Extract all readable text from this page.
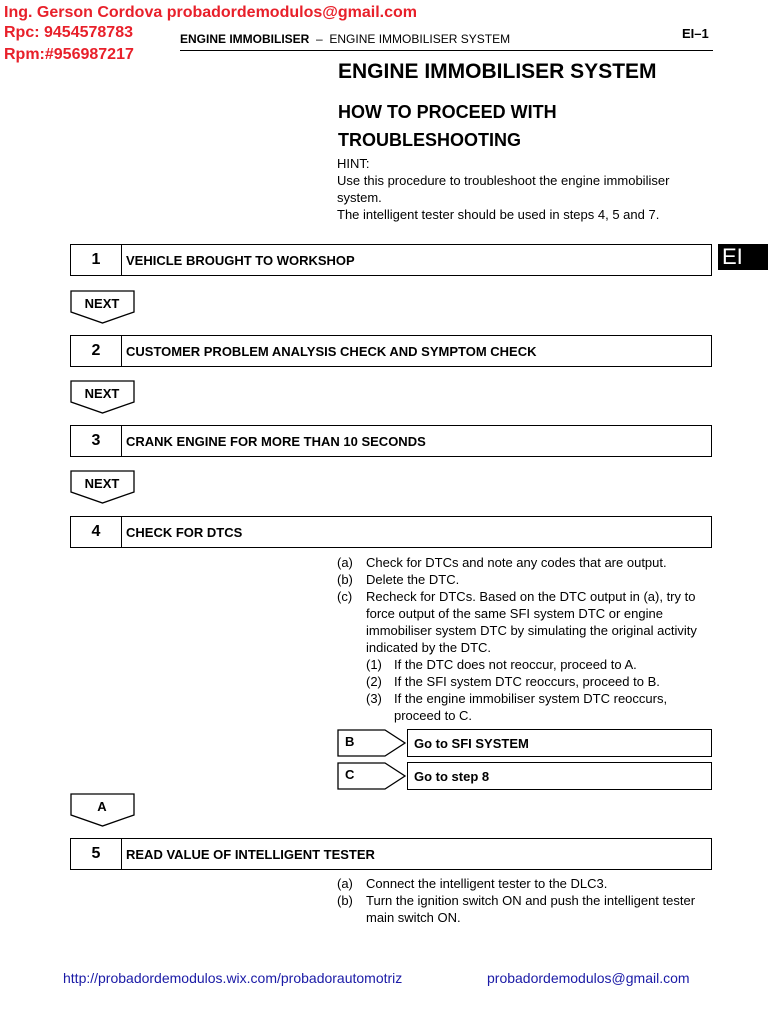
Ing. Gerson Cordova probadordemodulos@gmail.com
Rpc: 9454578783
Rpm:#956987217
ENGINE IMMOBILISER – ENGINE IMMOBILISER SYSTEM	EI–1
EI
ENGINE IMMOBILISER SYSTEM
HOW TO PROCEED WITH TROUBLESHOOTING
HINT:
Use this procedure to troubleshoot the engine immobiliser system.
The intelligent tester should be used in steps 4, 5 and 7.
1	VEHICLE BROUGHT TO WORKSHOP
NEXT
2	CUSTOMER PROBLEM ANALYSIS CHECK AND SYMPTOM CHECK
NEXT
3	CRANK ENGINE FOR MORE THAN 10 SECONDS
NEXT
4	CHECK FOR DTCS
(a) Check for DTCs and note any codes that are output.
(b) Delete the DTC.
(c) Recheck for DTCs. Based on the DTC output in (a), try to force output of the same SFI system DTC or engine immobiliser system DTC by simulating the original activity indicated by the DTC.
(1) If the DTC does not reoccur, proceed to A.
(2) If the SFI system DTC reoccurs, proceed to B.
(3) If the engine immobiliser system DTC reoccurs, proceed to C.
B	Go to SFI SYSTEM
C	Go to step 8
A
5	READ VALUE OF INTELLIGENT TESTER
(a) Connect the intelligent tester to the DLC3.
(b) Turn the ignition switch ON and push the intelligent tester main switch ON.
http://probadordemodulos.wix.com/probadorautomotriz	probadordemodulos@gmail.com
